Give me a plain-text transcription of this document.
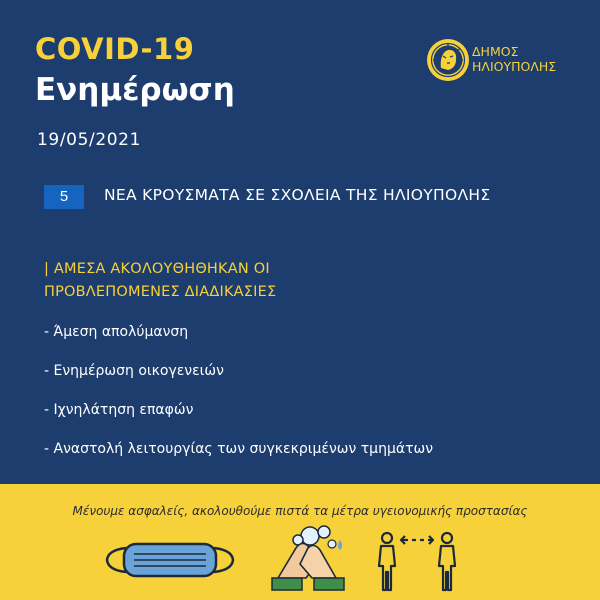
COVID-19
Ενημέρωση
ΔΗΜΟΣ
ΗΛΙΟΥΠΟΛΗΣ
19/05/2021
5	ΝΕΑ ΚΡΟΥΣΜΑΤΑ ΣΕ ΣΧΟΛΕΙΑ ΤΗΣ ΗΛΙΟΥΠΟΛΗΣ
| ΑΜΕΣΑ ΑΚΟΛΟΥΘΗΘΗΚΑΝ ΟΙ
ΠΡΟΒΛΕΠΟΜΕΝΕΣ ΔΙΑΔΙΚΑΣΙΕΣ
- Άμεση απολύμανση
- Ενημέρωση οικογενειών
- Ιχνηλάτηση επαφών
- Αναστολή λειτουργίας των συγκεκριμένων τμημάτων
Μένουμε ασφαλείς, ακολουθούμε πιστά τα μέτρα υγειονομικής προστασίας
